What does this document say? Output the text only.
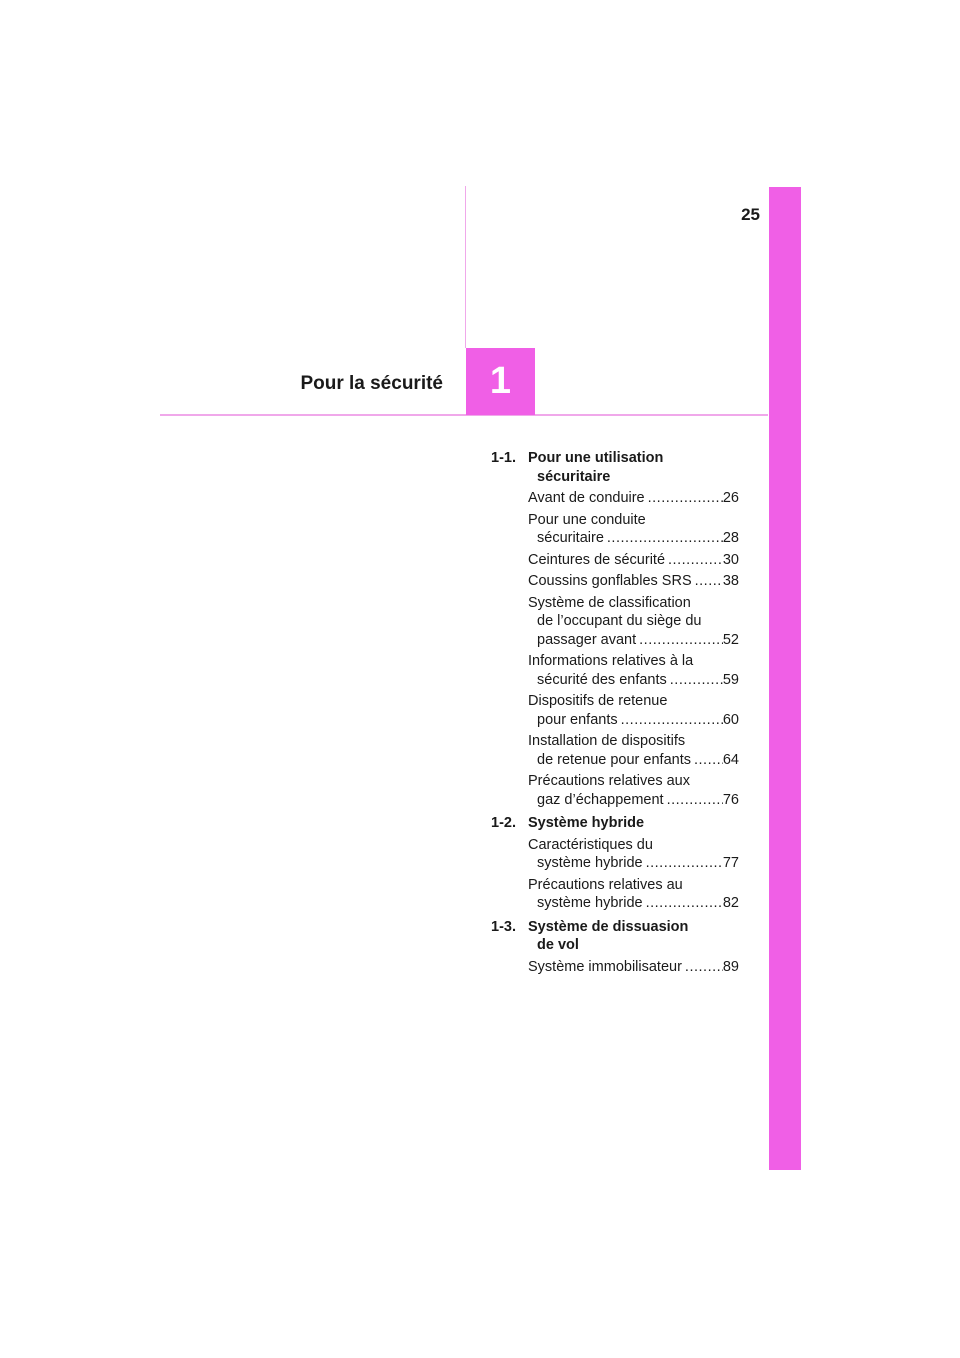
1
25
Pour la sécurité
1-1. Pour une utilisation

sécuritaire
Avant de conduire .....	26
Pour une conduite
sécuritaire .....	28
Ceintures de sécurité .....	30
Coussins gonflables SRS ..... 38
Système de classification
de l’occupant du siège du
passager avant .....	52
Informations relatives à la
sécurité des enfants .....	59
Dispositifs de retenue
pour enfants .....	60
Installation de dispositifs
de retenue pour enfants ..... 64
Précautions relatives aux
gaz d’échappement .....	76
1-2. Système hybride

Caractéristiques du
système hybride .....	77
Précautions relatives au
système hybride .....	82
1-3. Système de dissuasion

de vol
Système immobilisateur .....	89
